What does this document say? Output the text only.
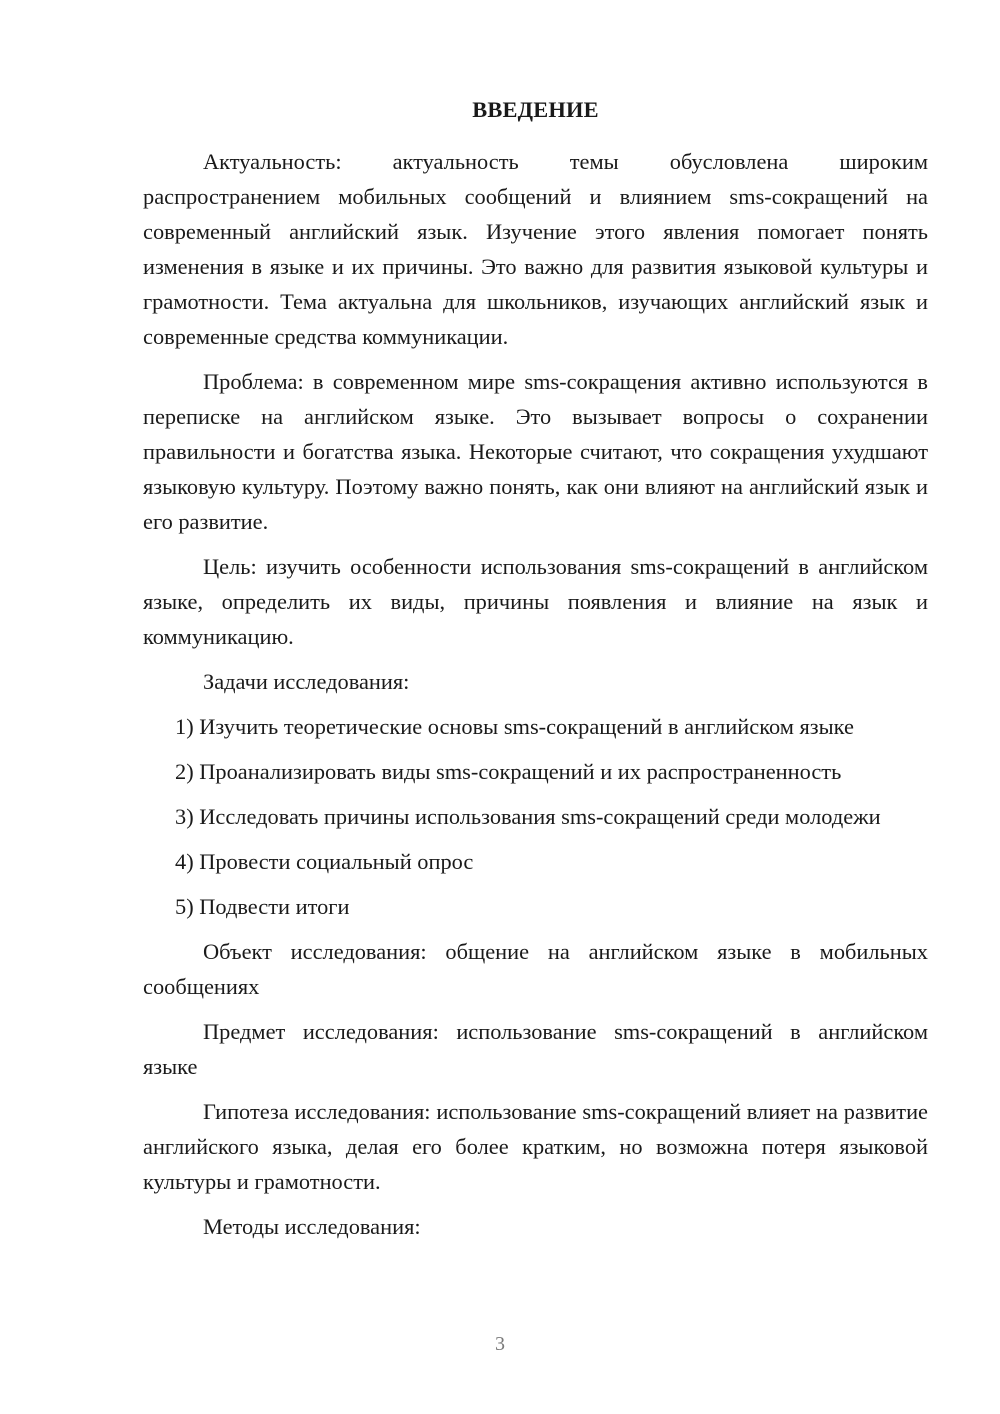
ВВЕДЕНИЕ

Актуальность: актуальность темы обусловлена широким распространением мобильных сообщений и влиянием sms-сокращений на современный английский язык. Изучение этого явления помогает понять изменения в языке и их причины. Это важно для развития языковой культуры и грамотности. Тема актуальна для школьников, изучающих английский язык и современные средства коммуникации.

Проблема: в современном мире sms-сокращения активно используются в переписке на английском языке. Это вызывает вопросы о сохранении правильности и богатства языка. Некоторые считают, что сокращения ухудшают языковую культуру. Поэтому важно понять, как они влияют на английский язык и его развитие.

Цель: изучить особенности использования sms-сокращений в английском языке, определить их виды, причины появления и влияние на язык и коммуникацию.

Задачи исследования:

1) Изучить теоретические основы sms-сокращений в английском языке

2) Проанализировать виды sms-сокращений и их распространенность

3) Исследовать причины использования sms-сокращений среди молодежи

4) Провести социальный опрос

5) Подвести итоги

Объект исследования: общение на английском языке в мобильных сообщениях

Предмет исследования: использование sms-сокращений в английском языке

Гипотеза исследования: использование sms-сокращений влияет на развитие английского языка, делая его более кратким, но возможна потеря языковой культуры и грамотности.

Методы исследования:

3
